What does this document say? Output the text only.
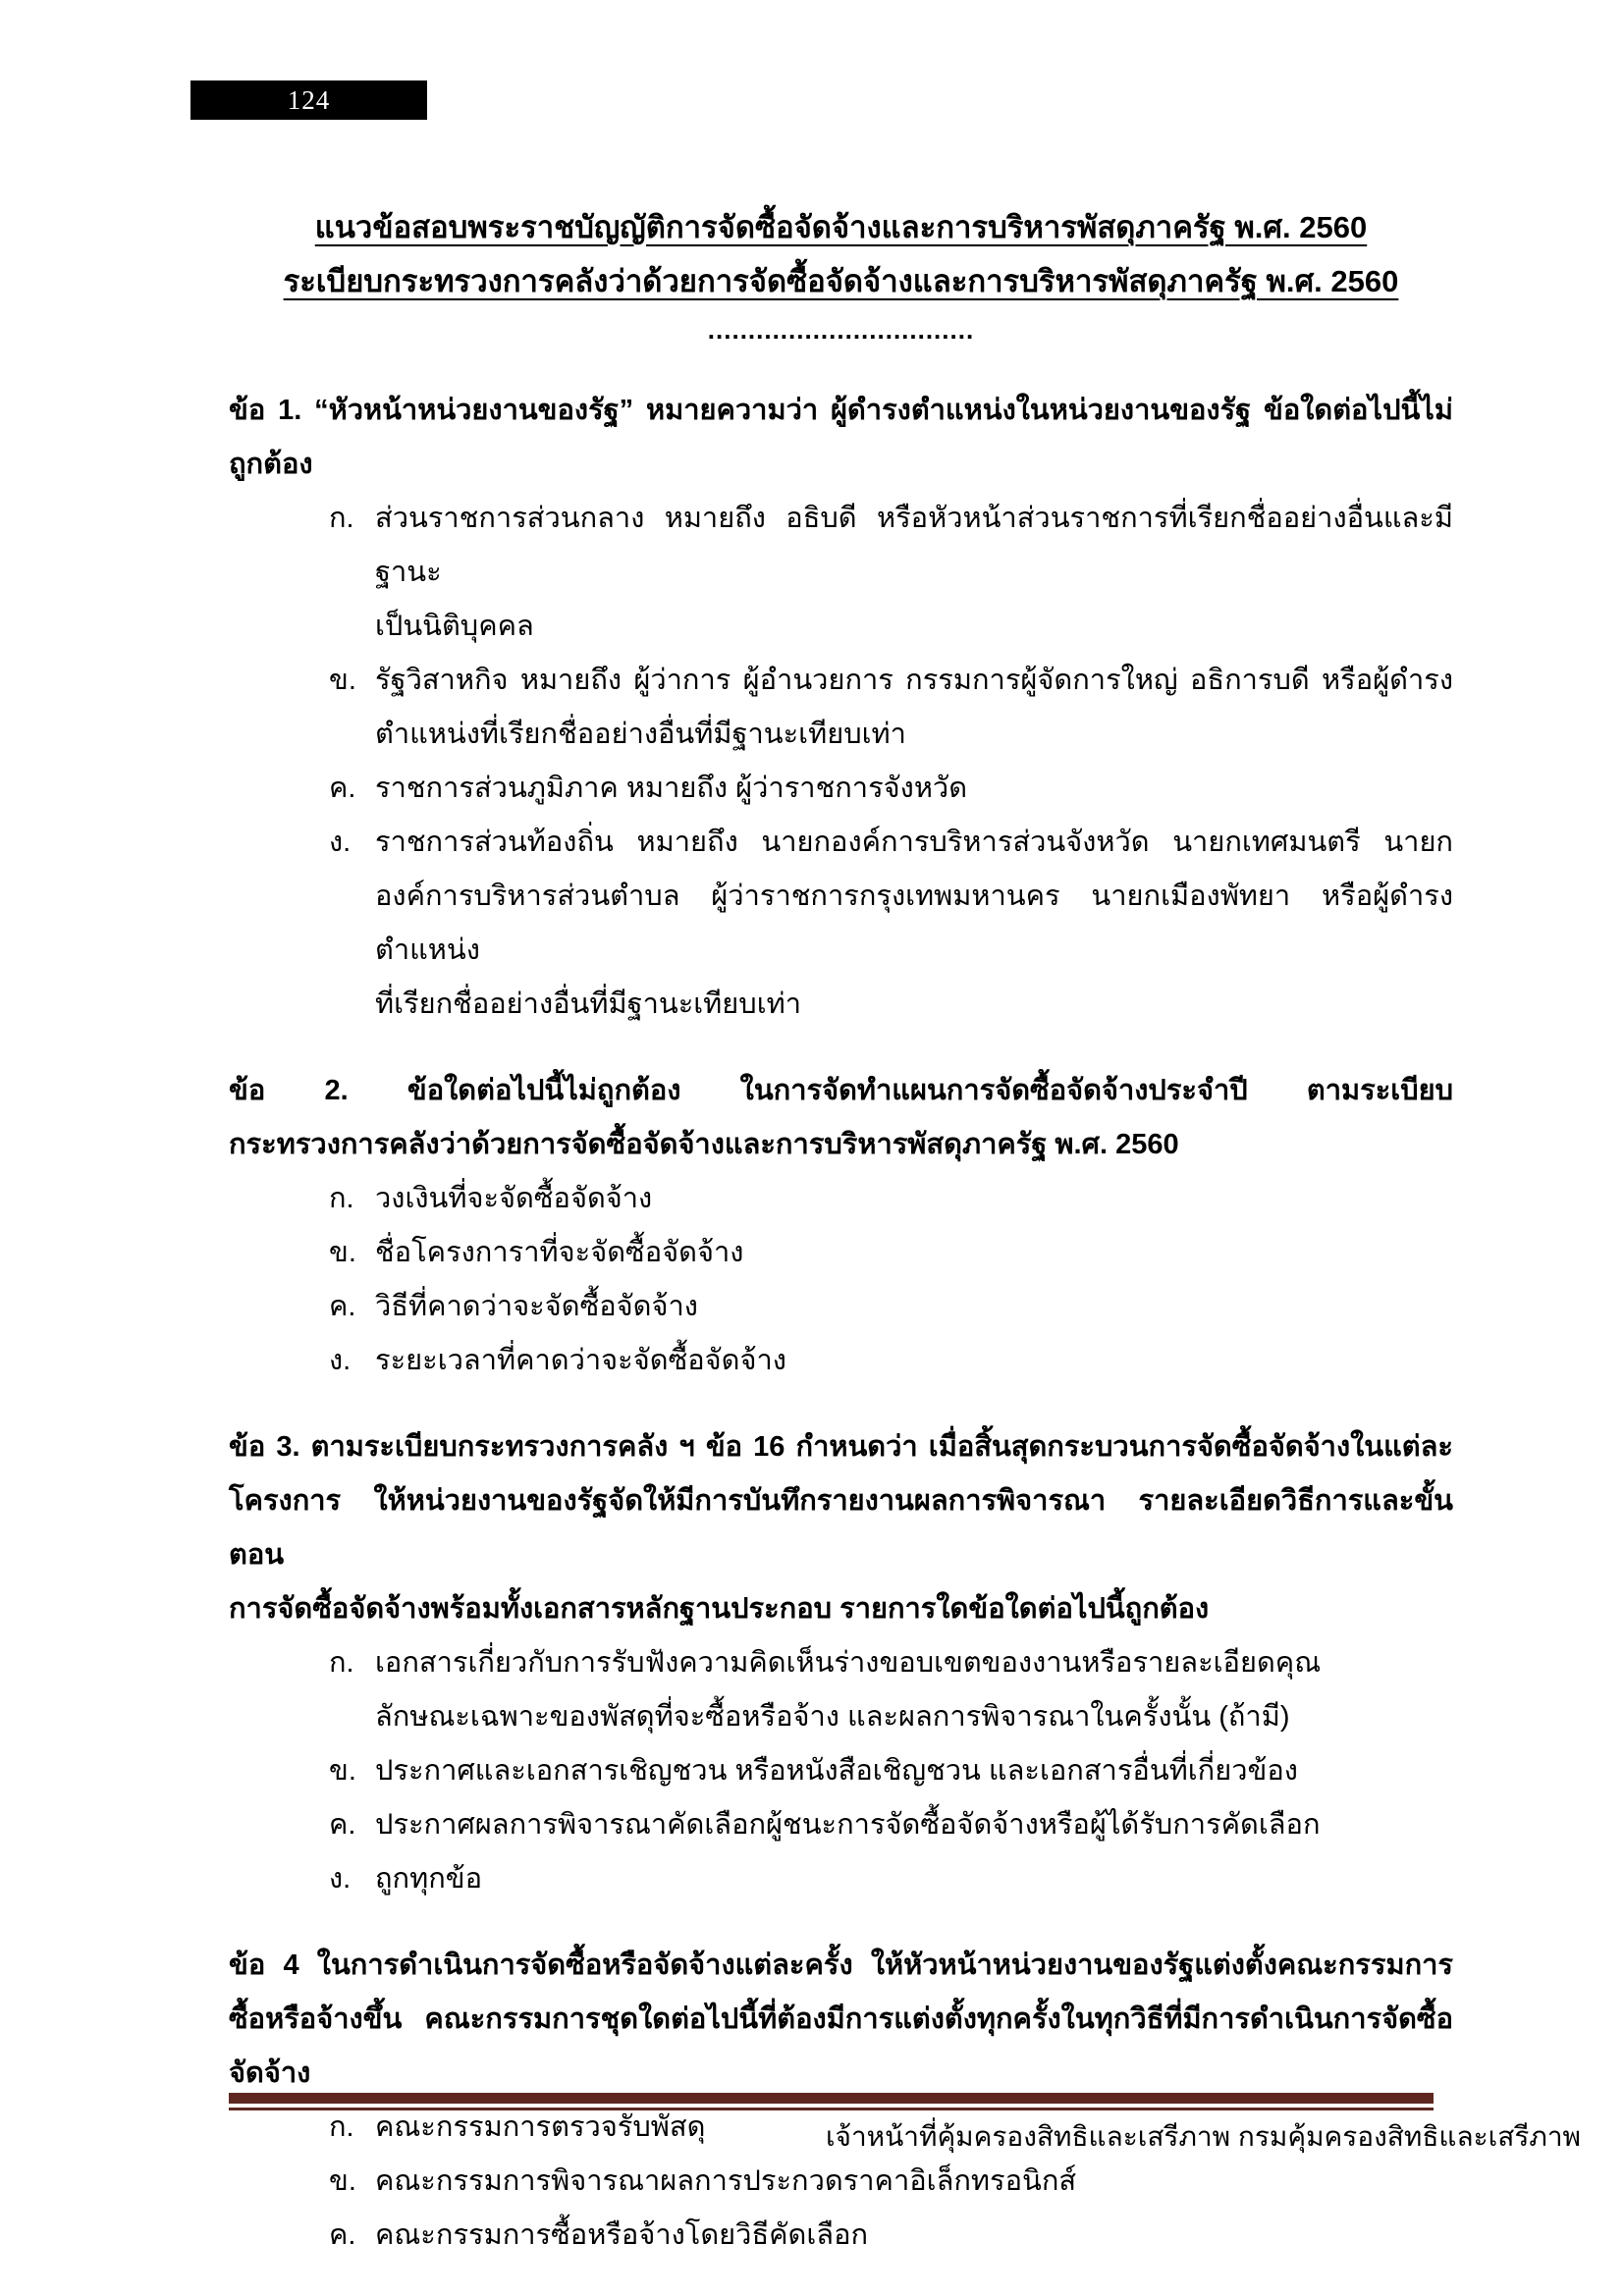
124
แนวข้อสอบพระราชบัญญัติการจัดซื้อจัดจ้างและการบริหารพัสดุภาครัฐ พ.ศ. 2560
ระเบียบกระทรวงการคลังว่าด้วยการจัดซื้อจัดจ้างและการบริหารพัสดุภาครัฐ พ.ศ. 2560
.................................
ข้อ 1. “หัวหน้าหน่วยงานของรัฐ” หมายความว่า ผู้ดำรงตำแหน่งในหน่วยงานของรัฐ ข้อใดต่อไปนี้ไม่
ถูกต้อง
ก. ส่วนราชการส่วนกลาง หมายถึง อธิบดี หรือหัวหน้าส่วนราชการที่เรียกชื่ออย่างอื่นและมีฐานะ
เป็นนิติบุคคล
ข. รัฐวิสาหกิจ หมายถึง ผู้ว่าการ ผู้อำนวยการ กรรมการผู้จัดการใหญ่ อธิการบดี หรือผู้ดำรง
ตำแหน่งที่เรียกชื่ออย่างอื่นที่มีฐานะเทียบเท่า
ค. ราชการส่วนภูมิภาค หมายถึง ผู้ว่าราชการจังหวัด
ง. ราชการส่วนท้องถิ่น หมายถึง นายกองค์การบริหารส่วนจังหวัด นายกเทศมนตรี นายก
องค์การบริหารส่วนตำบล ผู้ว่าราชการกรุงเทพมหานคร นายกเมืองพัทยา หรือผู้ดำรงตำแหน่ง
ที่เรียกชื่ออย่างอื่นที่มีฐานะเทียบเท่า
ข้อ 2. ข้อใดต่อไปนี้ไม่ถูกต้อง ในการจัดทำแผนการจัดซื้อจัดจ้างประจำปี ตามระเบียบ
กระทรวงการคลังว่าด้วยการจัดซื้อจัดจ้างและการบริหารพัสดุภาครัฐ พ.ศ. 2560
ก. วงเงินที่จะจัดซื้อจัดจ้าง
ข. ชื่อโครงการาที่จะจัดซื้อจัดจ้าง
ค. วิธีที่คาดว่าจะจัดซื้อจัดจ้าง
ง. ระยะเวลาที่คาดว่าจะจัดซื้อจัดจ้าง
ข้อ 3. ตามระเบียบกระทรวงการคลัง ฯ ข้อ 16 กำหนดว่า เมื่อสิ้นสุดกระบวนการจัดซื้อจัดจ้างในแต่ละ
โครงการ ให้หน่วยงานของรัฐจัดให้มีการบันทึกรายงานผลการพิจารณา รายละเอียดวิธีการและขั้นตอน
การจัดซื้อจัดจ้างพร้อมทั้งเอกสารหลักฐานประกอบ รายการใดข้อใดต่อไปนี้ถูกต้อง
ก. เอกสารเกี่ยวกับการรับฟังความคิดเห็นร่างขอบเขตของงานหรือรายละเอียดคุณ
ลักษณะเฉพาะของพัสดุที่จะซื้อหรือจ้าง และผลการพิจารณาในครั้งนั้น (ถ้ามี)
ข. ประกาศและเอกสารเชิญชวน หรือหนังสือเชิญชวน และเอกสารอื่นที่เกี่ยวข้อง
ค. ประกาศผลการพิจารณาคัดเลือกผู้ชนะการจัดซื้อจัดจ้างหรือผู้ได้รับการคัดเลือก
ง. ถูกทุกข้อ
ข้อ 4 ในการดำเนินการจัดซื้อหรือจัดจ้างแต่ละครั้ง ให้หัวหน้าหน่วยงานของรัฐแต่งตั้งคณะกรรมการ
ซื้อหรือจ้างขึ้น คณะกรรมการชุดใดต่อไปนี้ที่ต้องมีการแต่งตั้งทุกครั้งในทุกวิธีที่มีการดำเนินการจัดซื้อ
จัดจ้าง
ก. คณะกรรมการตรวจรับพัสดุ
ข. คณะกรรมการพิจารณาผลการประกวดราคาอิเล็กทรอนิกส์
ค. คณะกรรมการซื้อหรือจ้างโดยวิธีคัดเลือก
เจ้าหน้าที่คุ้มครองสิทธิและเสรีภาพ กรมคุ้มครองสิทธิและเสรีภาพ
